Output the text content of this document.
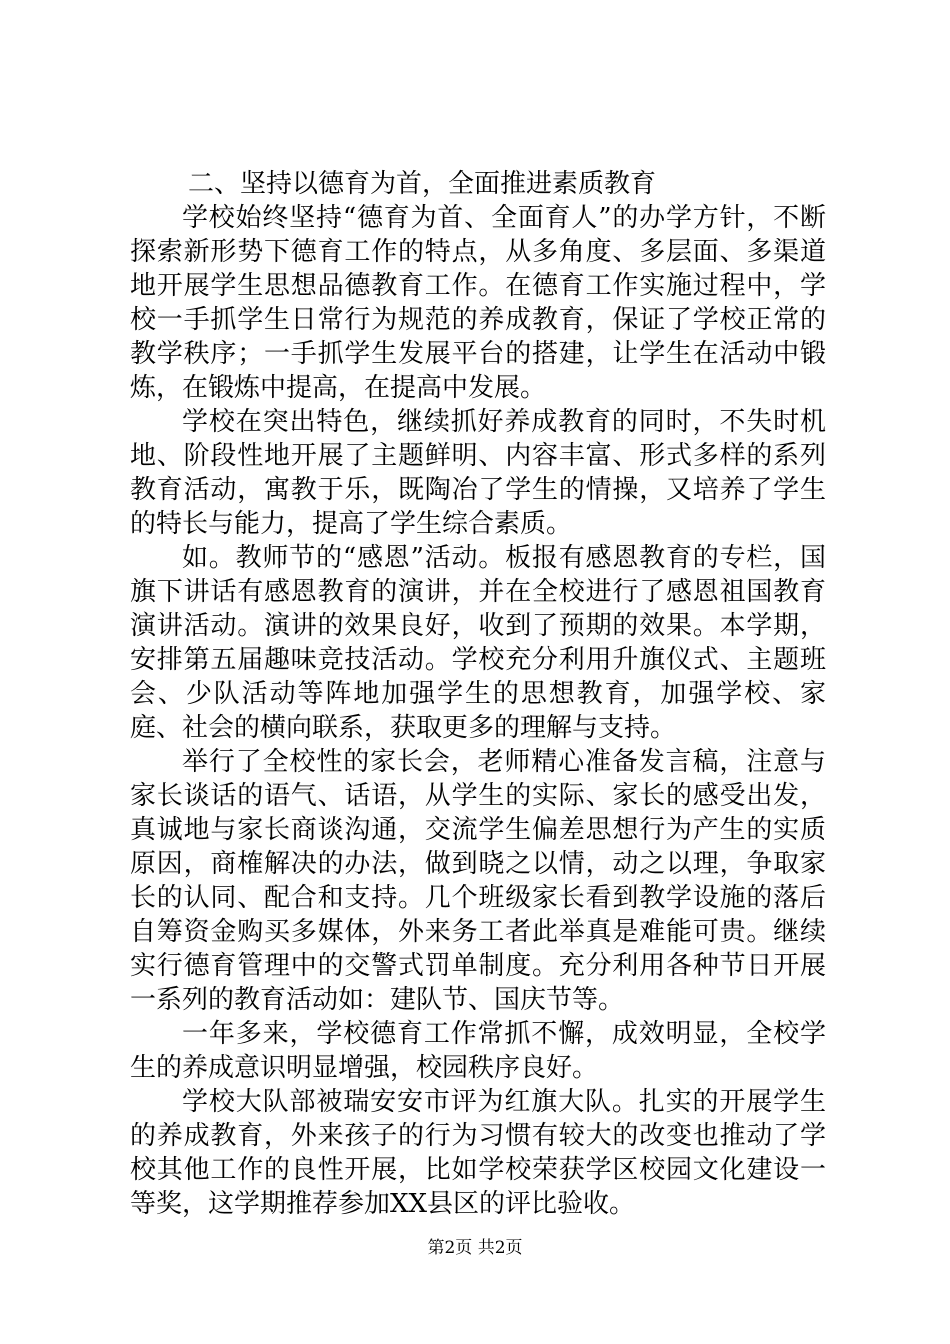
二、坚持以德育为首，全面推进素质教育

学校始终坚持“德育为首、全面育人”的办学方针，不断探索新形势下德育工作的特点，从多角度、多层面、多渠道地开展学生思想品德教育工作。在德育工作实施过程中，学校一手抓学生日常行为规范的养成教育，保证了学校正常的教学秩序；一手抓学生发展平台的搭建，让学生在活动中锻炼，在锻炼中提高，在提高中发展。

学校在突出特色，继续抓好养成教育的同时，不失时机地、阶段性地开展了主题鲜明、内容丰富、形式多样的系列教育活动，寓教于乐，既陶冶了学生的情操，又培养了学生的特长与能力，提高了学生综合素质。

如。教师节的“感恩”活动。板报有感恩教育的专栏，国旗下讲话有感恩教育的演讲，并在全校进行了感恩祖国教育演讲活动。演讲的效果良好，收到了预期的效果。本学期，安排第五届趣味竞技活动。学校充分利用升旗仪式、主题班会、少队活动等阵地加强学生的思想教育，加强学校、家庭、社会的横向联系，获取更多的理解与支持。

举行了全校性的家长会，老师精心准备发言稿，注意与家长谈话的语气、话语，从学生的实际、家长的感受出发，真诚地与家长商谈沟通，交流学生偏差思想行为产生的实质原因，商榷解决的办法，做到晓之以情，动之以理，争取家长的认同、配合和支持。几个班级家长看到教学设施的落后自筹资金购买多媒体，外来务工者此举真是难能可贵。继续实行德育管理中的交警式罚单制度。充分利用各种节日开展一系列的教育活动如：建队节、国庆节等。

一年多来，学校德育工作常抓不懈，成效明显，全校学生的养成意识明显增强，校园秩序良好。

学校大队部被瑞安安市评为红旗大队。扎实的开展学生的养成教育，外来孩子的行为习惯有较大的改变也推动了学校其他工作的良性开展，比如学校荣获学区校园文化建设一等奖，这学期推荐参加XX县区的评比验收。

第2页 共2页
